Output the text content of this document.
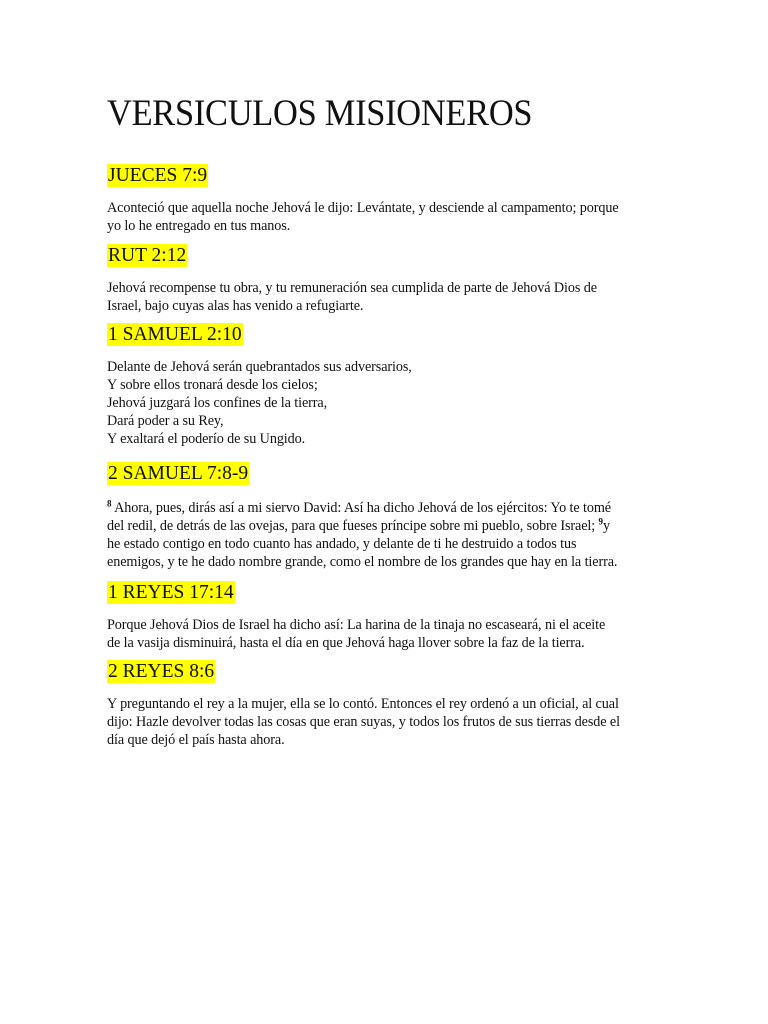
VERSICULOS MISIONEROS
JUECES 7:9

Aconteció que aquella noche Jehová le dijo: Levántate, y desciende al campamento; porque
yo lo he entregado en tus manos.

RUT 2:12

Jehová recompense tu obra, y tu remuneración sea cumplida de parte de Jehová Dios de
Israel, bajo cuyas alas has venido a refugiarte.

1 SAMUEL 2:10

Delante de Jehová serán quebrantados sus adversarios,
Y sobre ellos tronará desde los cielos;
Jehová juzgará los confines de la tierra,
Dará poder a su Rey,
Y exaltará el poderío de su Ungido.

2 SAMUEL 7:8-9

$^8$ Ahora, pues, dirás así a mi siervo David: Así ha dicho Jehová de los ejércitos: Yo te tomé
del redil, de detrás de las ovejas, para que fueses príncipe sobre mi pueblo, sobre Israel; $^9$y
he estado contigo en todo cuanto has andado, y delante de ti he destruido a todos tus
enemigos, y te he dado nombre grande, como el nombre de los grandes que hay en la tierra.

1 REYES 17:14

Porque Jehová Dios de Israel ha dicho así: La harina de la tinaja no escaseará, ni el aceite
de la vasija disminuirá, hasta el día en que Jehová haga llover sobre la faz de la tierra.

2 REYES 8:6

Y preguntando el rey a la mujer, ella se lo contó. Entonces el rey ordenó a un oficial, al cual
dijo: Hazle devolver todas las cosas que eran suyas, y todos los frutos de sus tierras desde el
día que dejó el país hasta ahora.
